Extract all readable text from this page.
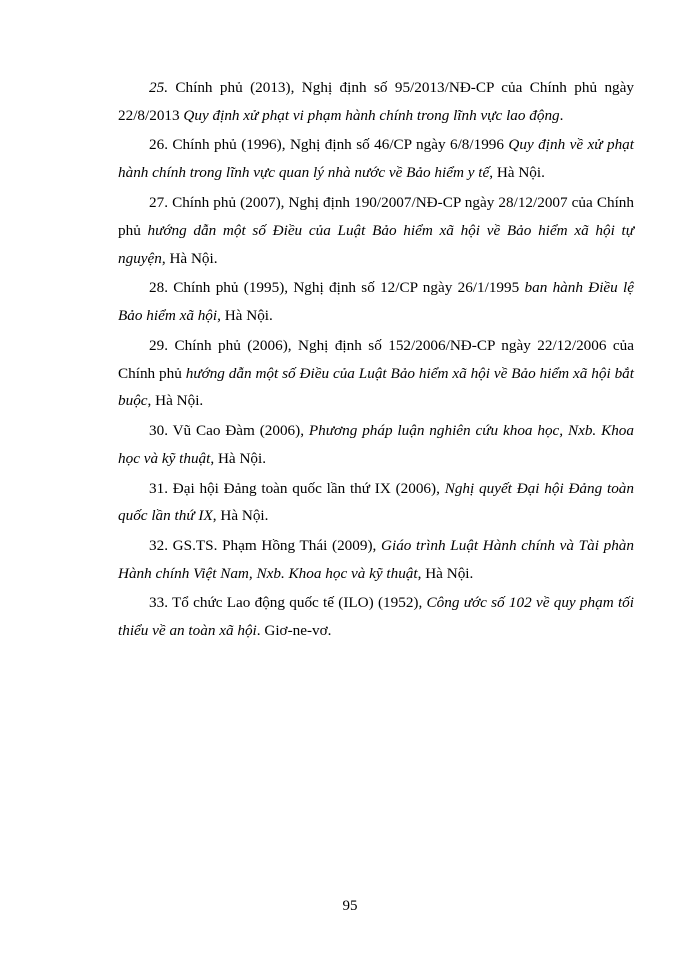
25. Chính phủ (2013), Nghị định số 95/2013/NĐ-CP của Chính phủ ngày 22/8/2013 Quy định xử phạt vi phạm hành chính trong lĩnh vực lao động.

26. Chính phủ (1996), Nghị định số 46/CP ngày 6/8/1996 Quy định về xử phạt hành chính trong lĩnh vực quan lý nhà nước về Bảo hiểm y tế, Hà Nội.

27. Chính phủ (2007), Nghị định 190/2007/NĐ-CP ngày 28/12/2007 của Chính phủ hướng dẫn một số Điều của Luật Bảo hiểm xã hội về Bảo hiểm xã hội tự nguyện, Hà Nội.

28. Chính phủ (1995), Nghị định số 12/CP ngày 26/1/1995 ban hành Điều lệ Bảo hiểm xã hội, Hà Nội.

29. Chính phủ (2006), Nghị định số 152/2006/NĐ-CP ngày 22/12/2006 của Chính phủ hướng dẫn một số Điều của Luật Bảo hiểm xã hội về Bảo hiểm xã hội bắt buộc, Hà Nội.

30. Vũ Cao Đàm (2006), Phương pháp luận nghiên cứu khoa học, Nxb. Khoa học và kỹ thuật, Hà Nội.

31. Đại hội Đảng toàn quốc lần thứ IX (2006), Nghị quyết Đại hội Đảng toàn quốc lần thứ IX, Hà Nội.

32. GS.TS. Phạm Hồng Thái (2009), Giáo trình Luật Hành chính và Tài phàn Hành chính Việt Nam, Nxb. Khoa học và kỹ thuật, Hà Nội.

33. Tổ chức Lao động quốc tế (ILO) (1952), Công ước số 102 về quy phạm tối thiểu về an toàn xã hội. Giơ-ne-vơ.

95
